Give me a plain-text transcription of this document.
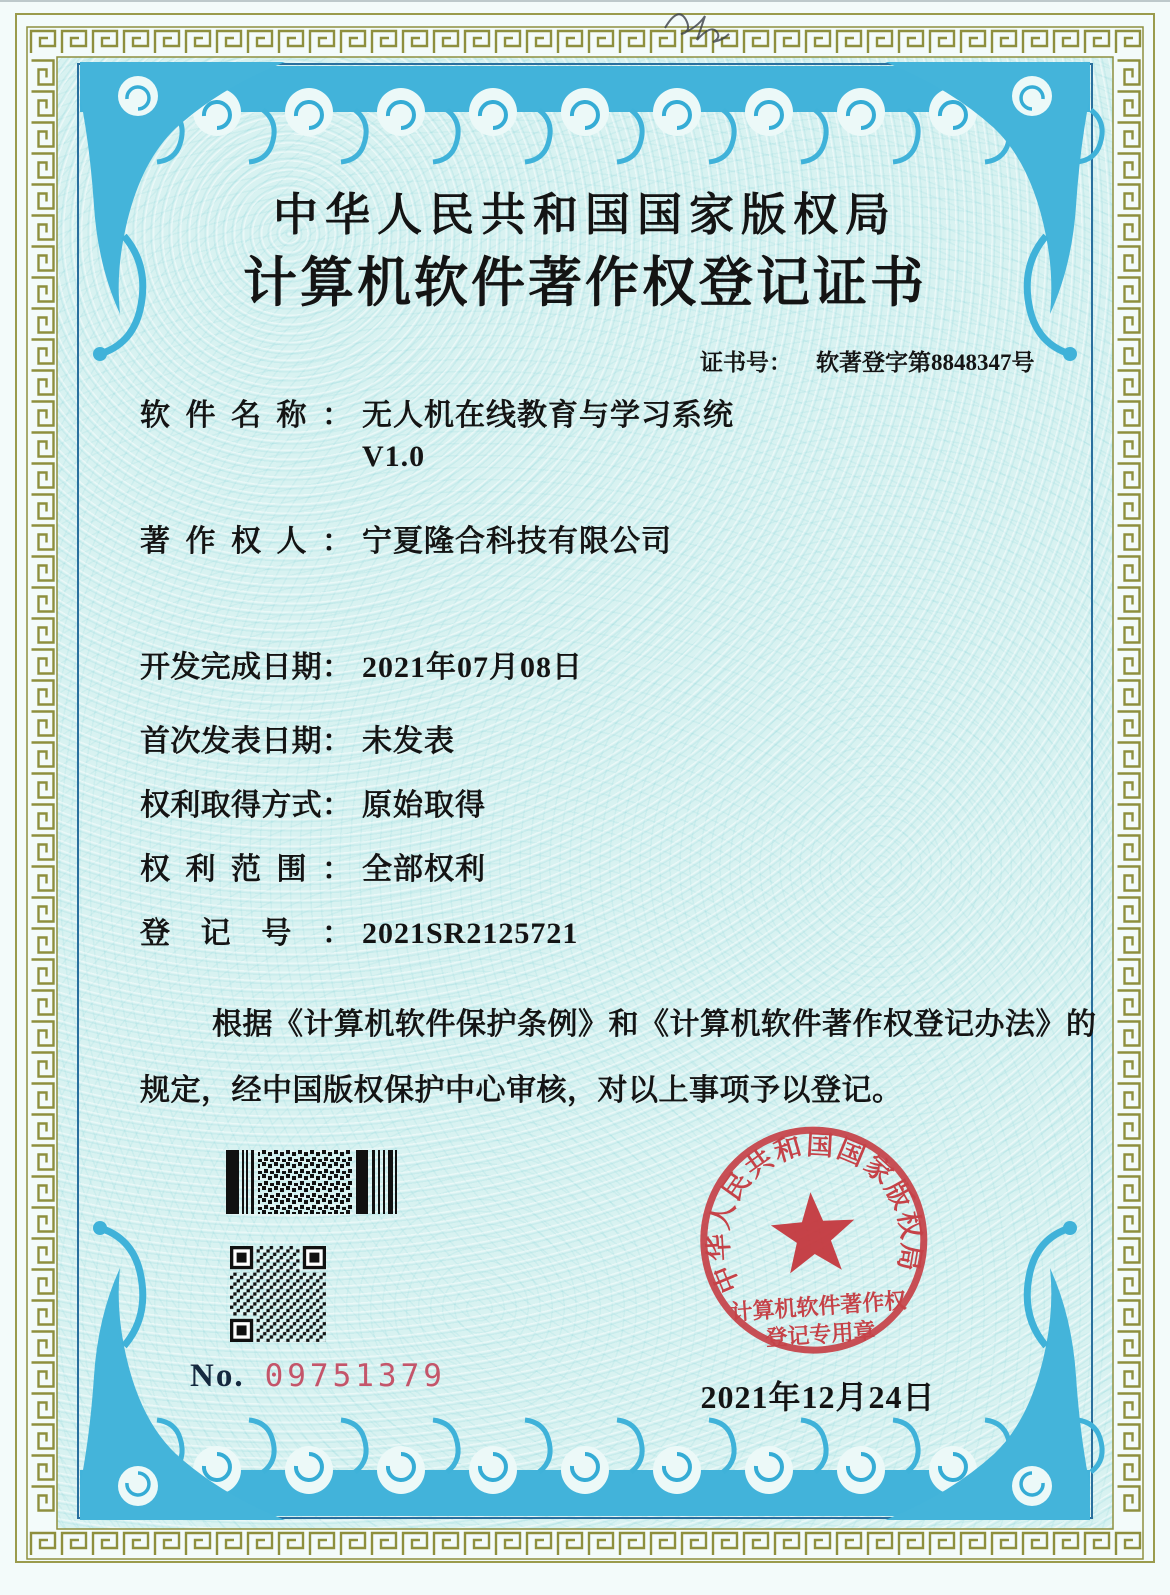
中华人民共和国国家版权局
计算机软件著作权登记证书
证书号： 软著登字第8848347号
软件名称： 无人机在线教育与学习系统
V1.0
著作权人： 宁夏隆合科技有限公司
开发完成日期： 2021年07月08日
首次发表日期： 未发表
权利取得方式： 原始取得
权利范围： 全部权利
登记号： 2021SR2125721
根据《计算机软件保护条例》和《计算机软件著作权登记办法》的
规定，经中国版权保护中心审核，对以上事项予以登记。
No. 09751379
中华人民共和国国家版权局
计算机软件著作权
登记专用章
2021年12月24日
